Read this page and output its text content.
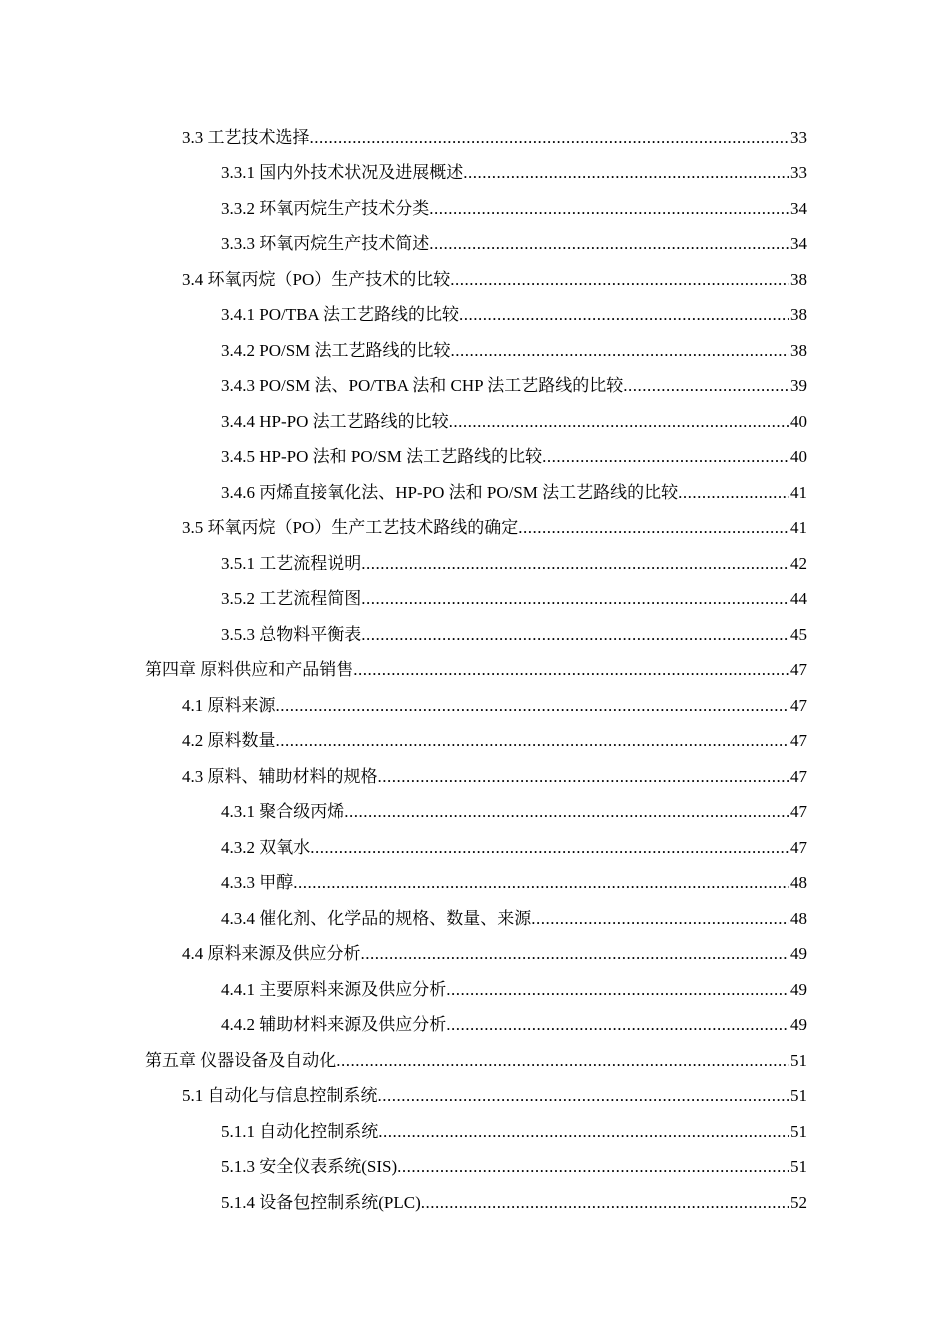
3.3 工艺技术选择 .....	33
3.3.1 国内外技术状况及进展概述 .....	33
3.3.2 环氧丙烷生产技术分类 .....	34
3.3.3 环氧丙烷生产技术简述 .....	34
3.4 环氧丙烷（PO）生产技术的比较 .....	38
3.4.1 PO/TBA 法工艺路线的比较 .....	38
3.4.2 PO/SM 法工艺路线的比较 .....	38
3.4.3 PO/SM 法、PO/TBA 法和 CHP 法工艺路线的比较 .....	39
3.4.4 HP-PO 法工艺路线的比较 .....	40
3.4.5 HP-PO 法和 PO/SM 法工艺路线的比较 .....	40
3.4.6 丙烯直接氧化法、HP-PO 法和 PO/SM 法工艺路线的比较 .....	41
3.5 环氧丙烷（PO）生产工艺技术路线的确定 .....	41
3.5.1 工艺流程说明 .....	42
3.5.2 工艺流程简图 .....	44
3.5.3 总物料平衡表 .....	45
第四章 原料供应和产品销售 .....	47
4.1 原料来源 .....	47
4.2 原料数量 .....	47
4.3 原料、辅助材料的规格 .....	47
4.3.1 聚合级丙烯 .....	47
4.3.2 双氧水 .....	47
4.3.3 甲醇 .....	48
4.3.4 催化剂、化学品的规格、数量、来源 .....	48
4.4 原料来源及供应分析 .....	49
4.4.1 主要原料来源及供应分析 .....	49
4.4.2 辅助材料来源及供应分析 .....	49
第五章 仪器设备及自动化 .....	51
5.1 自动化与信息控制系统 .....	51
5.1.1 自动化控制系统 .....	51
5.1.3 安全仪表系统(SIS) .....	51
5.1.4 设备包控制系统(PLC) .....	52
